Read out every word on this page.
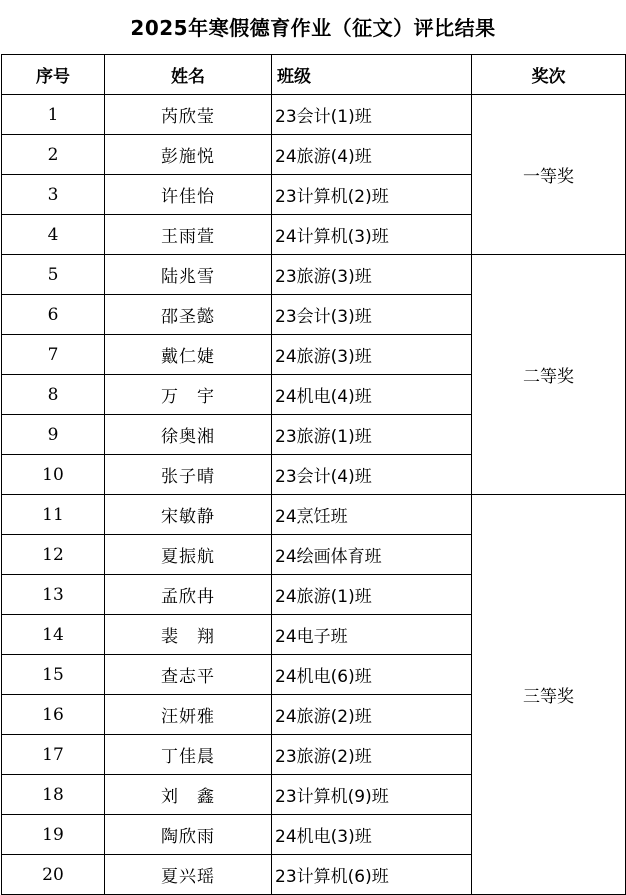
2025年寒假德育作业（征文）评比结果
序号	姓名	班级	奖次
1	芮欣莹	23会计(1)班	一等奖
2	彭施悦	24旅游(4)班	
3	许佳怡	23计算机(2)班	
4	王雨萱	24计算机(3)班	
5	陆兆雪	23旅游(3)班	二等奖
6	邵圣懿	23会计(3)班	
7	戴仁婕	24旅游(3)班	
8	万　宇	24机电(4)班	
9	徐奥湘	23旅游(1)班	
10	张子晴	23会计(4)班	
11	宋敏静	24烹饪班	三等奖
12	夏振航	24绘画体育班	
13	孟欣冉	24旅游(1)班	
14	裴　翔	24电子班	
15	查志平	24机电(6)班	
16	汪妍雅	24旅游(2)班	
17	丁佳晨	23旅游(2)班	
18	刘　鑫	23计算机(9)班	
19	陶欣雨	24机电(3)班	
20	夏兴瑶	23计算机(6)班	
